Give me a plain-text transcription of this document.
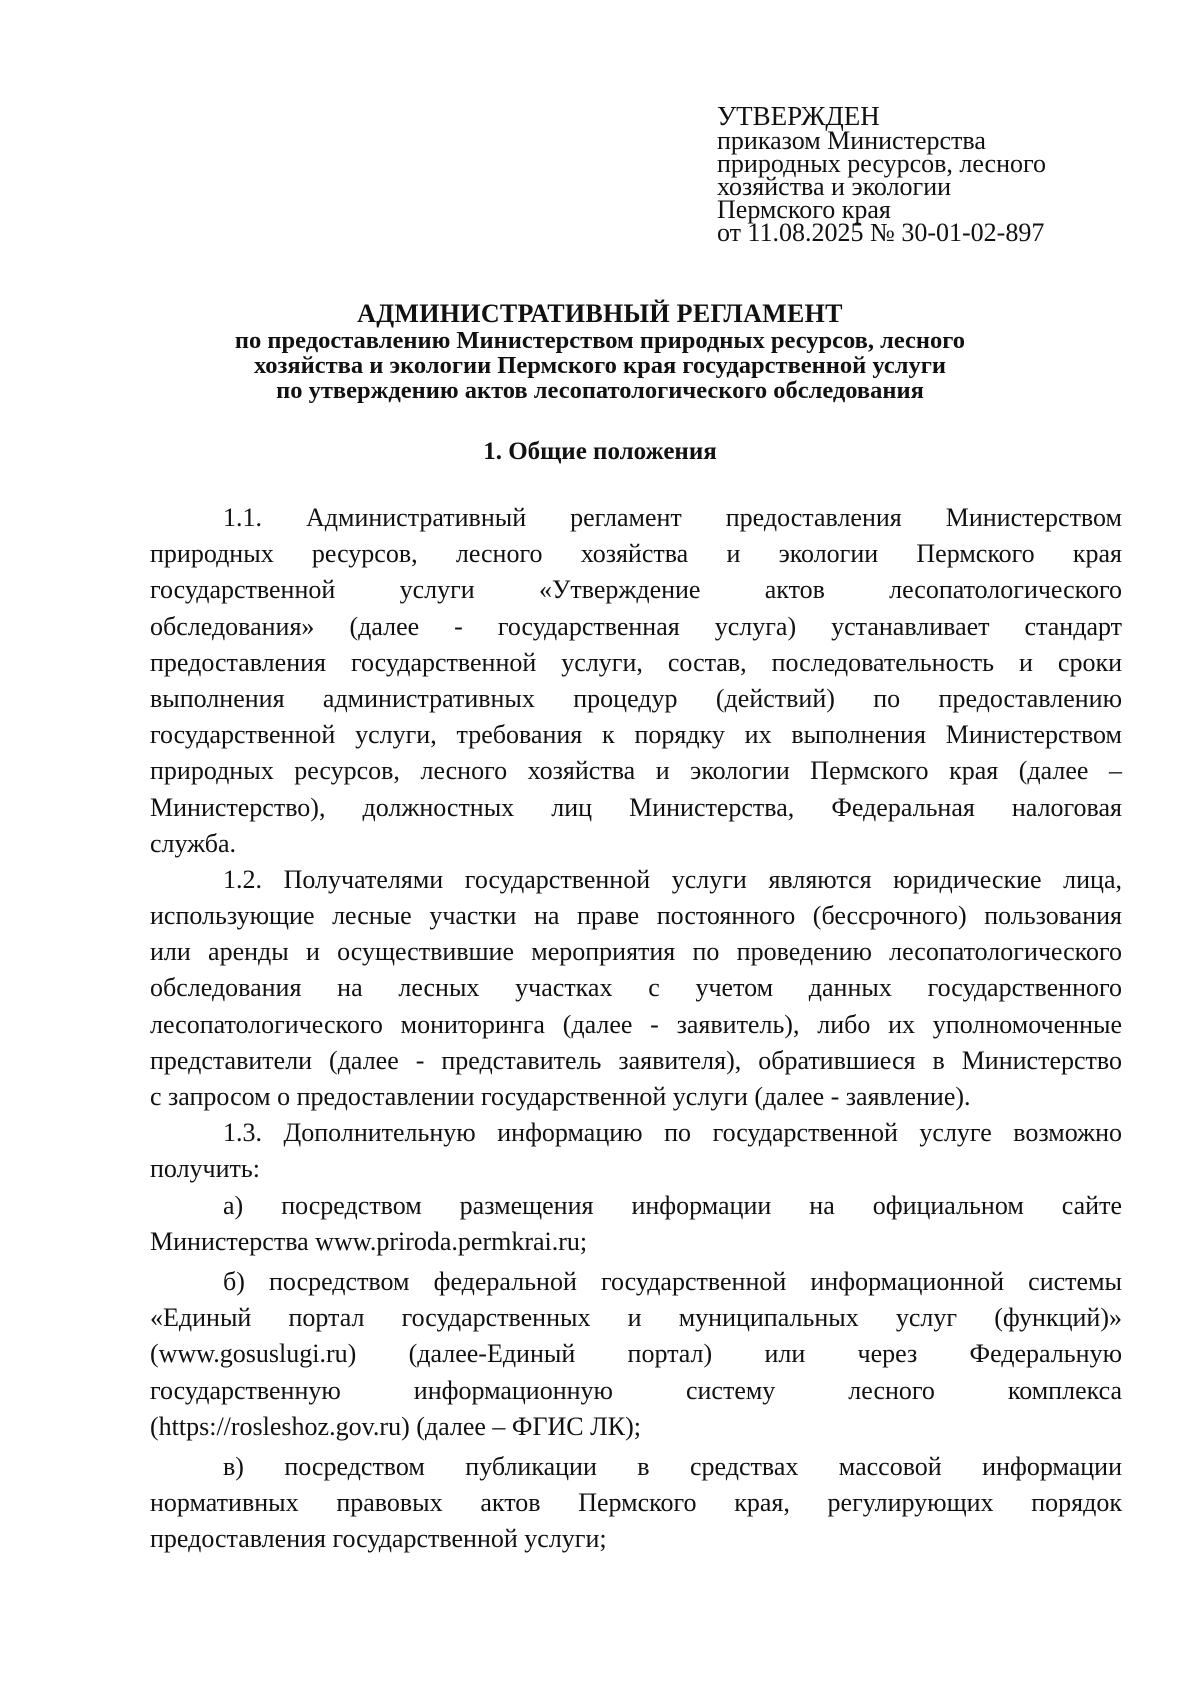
УТВЕРЖДЕН
приказом Министерства
природных ресурсов, лесного
хозяйства и экологии
Пермского края
от 11.08.2025 № 30-01-02-897
АДМИНИСТРАТИВНЫЙ РЕГЛАМЕНТ
по предоставлению Министерством природных ресурсов, лесного
хозяйства и экологии Пермского края государственной услуги
по утверждению актов лесопатологического обследования
1. Общие положения
1.1. Административный регламент предоставления Министерством
природных ресурсов, лесного хозяйства и экологии Пермского края
государственной услуги «Утверждение актов лесопатологического
обследования» (далее - государственная услуга) устанавливает стандарт
предоставления государственной услуги, состав, последовательность и сроки
выполнения административных процедур (действий) по предоставлению
государственной услуги, требования к порядку их выполнения Министерством
природных ресурсов, лесного хозяйства и экологии Пермского края (далее –
Министерство), должностных лиц Министерства, Федеральная налоговая
служба.
1.2. Получателями государственной услуги являются юридические лица,
использующие лесные участки на праве постоянного (бессрочного) пользования
или аренды и осуществившие мероприятия по проведению лесопатологического
обследования на лесных участках с учетом данных государственного
лесопатологического мониторинга (далее - заявитель), либо их уполномоченные
представители (далее - представитель заявителя), обратившиеся в Министерство
с запросом о предоставлении государственной услуги (далее - заявление).
1.3. Дополнительную информацию по государственной услуге возможно
получить:
а) посредством размещения информации на официальном сайте
Министерства www.priroda.permkrai.ru;
б) посредством федеральной государственной информационной системы
«Единый портал государственных и муниципальных услуг (функций)»
(www.gosuslugi.ru) (далее-Единый портал) или через Федеральную
государственную информационную систему лесного комплекса
(https://rosleshoz.gov.ru) (далее – ФГИС ЛК);
в) посредством публикации в средствах массовой информации
нормативных правовых актов Пермского края, регулирующих порядок
предоставления государственной услуги;
